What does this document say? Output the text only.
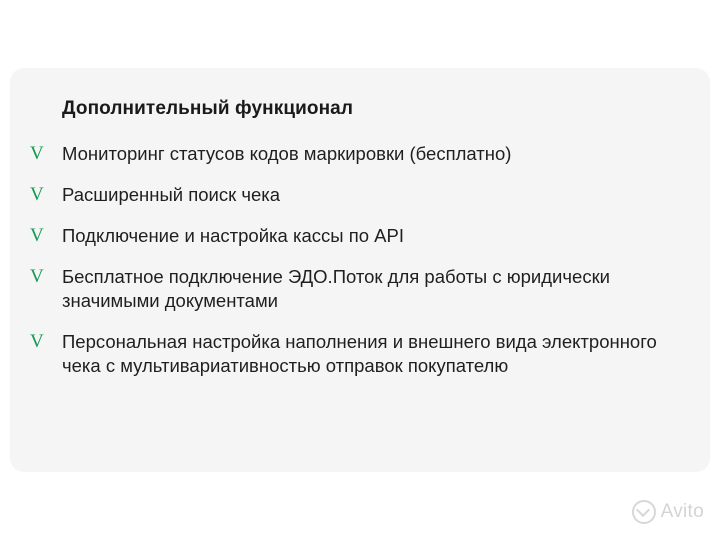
Дополнительный функционал
V Мониторинг статусов кодов маркировки (бесплатно)
V Расширенный поиск чека
V Подключение и настройка кассы по API
V Бесплатное подключение ЭДО.Поток для работы с юридически значимыми документами
V Персональная настройка наполнения и внешнего вида электронного чека с мультивариативностью отправок покупателю
Avito
